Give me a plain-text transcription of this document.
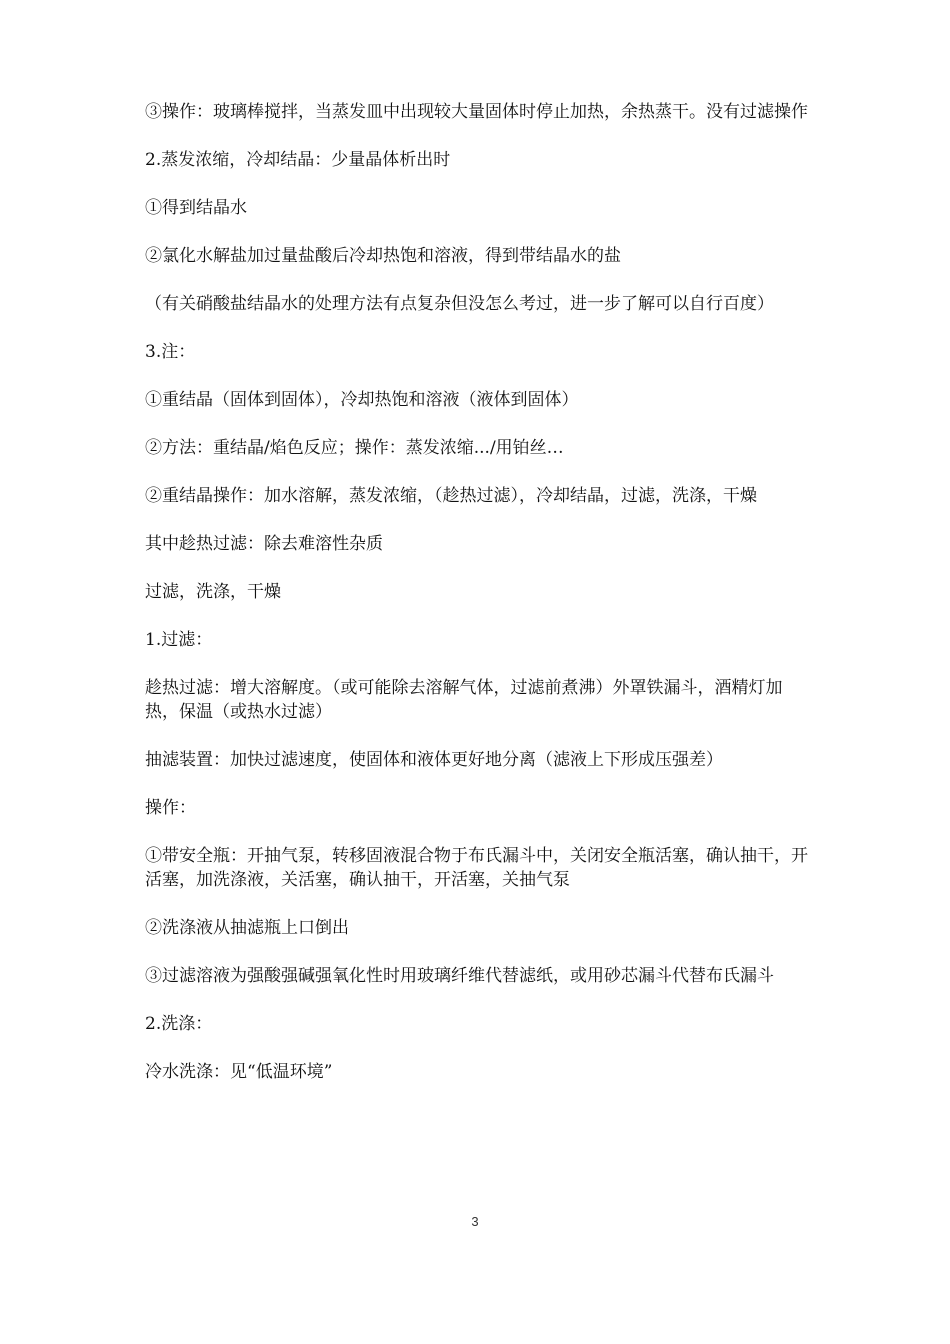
③操作：玻璃棒搅拌，当蒸发皿中出现较大量固体时停止加热，余热蒸干。没有过滤操作

2.蒸发浓缩，冷却结晶：少量晶体析出时

①得到结晶水

②氯化水解盐加过量盐酸后冷却热饱和溶液，得到带结晶水的盐

（有关硝酸盐结晶水的处理方法有点复杂但没怎么考过，进一步了解可以自行百度）

3.注：

①重结晶（固体到固体），冷却热饱和溶液（液体到固体）

②方法：重结晶/焰色反应；操作：蒸发浓缩.../用铂丝…

②重结晶操作：加水溶解，蒸发浓缩，（趁热过滤），冷却结晶，过滤，洗涤，干燥

其中趁热过滤：除去难溶性杂质

过滤，洗涤，干燥

1.过滤：

趁热过滤：增大溶解度。（或可能除去溶解气体，过滤前煮沸）外罩铁漏斗，酒精灯加热，保温（或热水过滤）

抽滤装置：加快过滤速度，使固体和液体更好地分离（滤液上下形成压强差）

操作：

①带安全瓶：开抽气泵，转移固液混合物于布氏漏斗中，关闭安全瓶活塞，确认抽干，开活塞，加洗涤液，关活塞，确认抽干，开活塞，关抽气泵

②洗涤液从抽滤瓶上口倒出

③过滤溶液为强酸强碱强氧化性时用玻璃纤维代替滤纸，或用砂芯漏斗代替布氏漏斗

2.洗涤：

冷水洗涤：见“低温环境”

3
